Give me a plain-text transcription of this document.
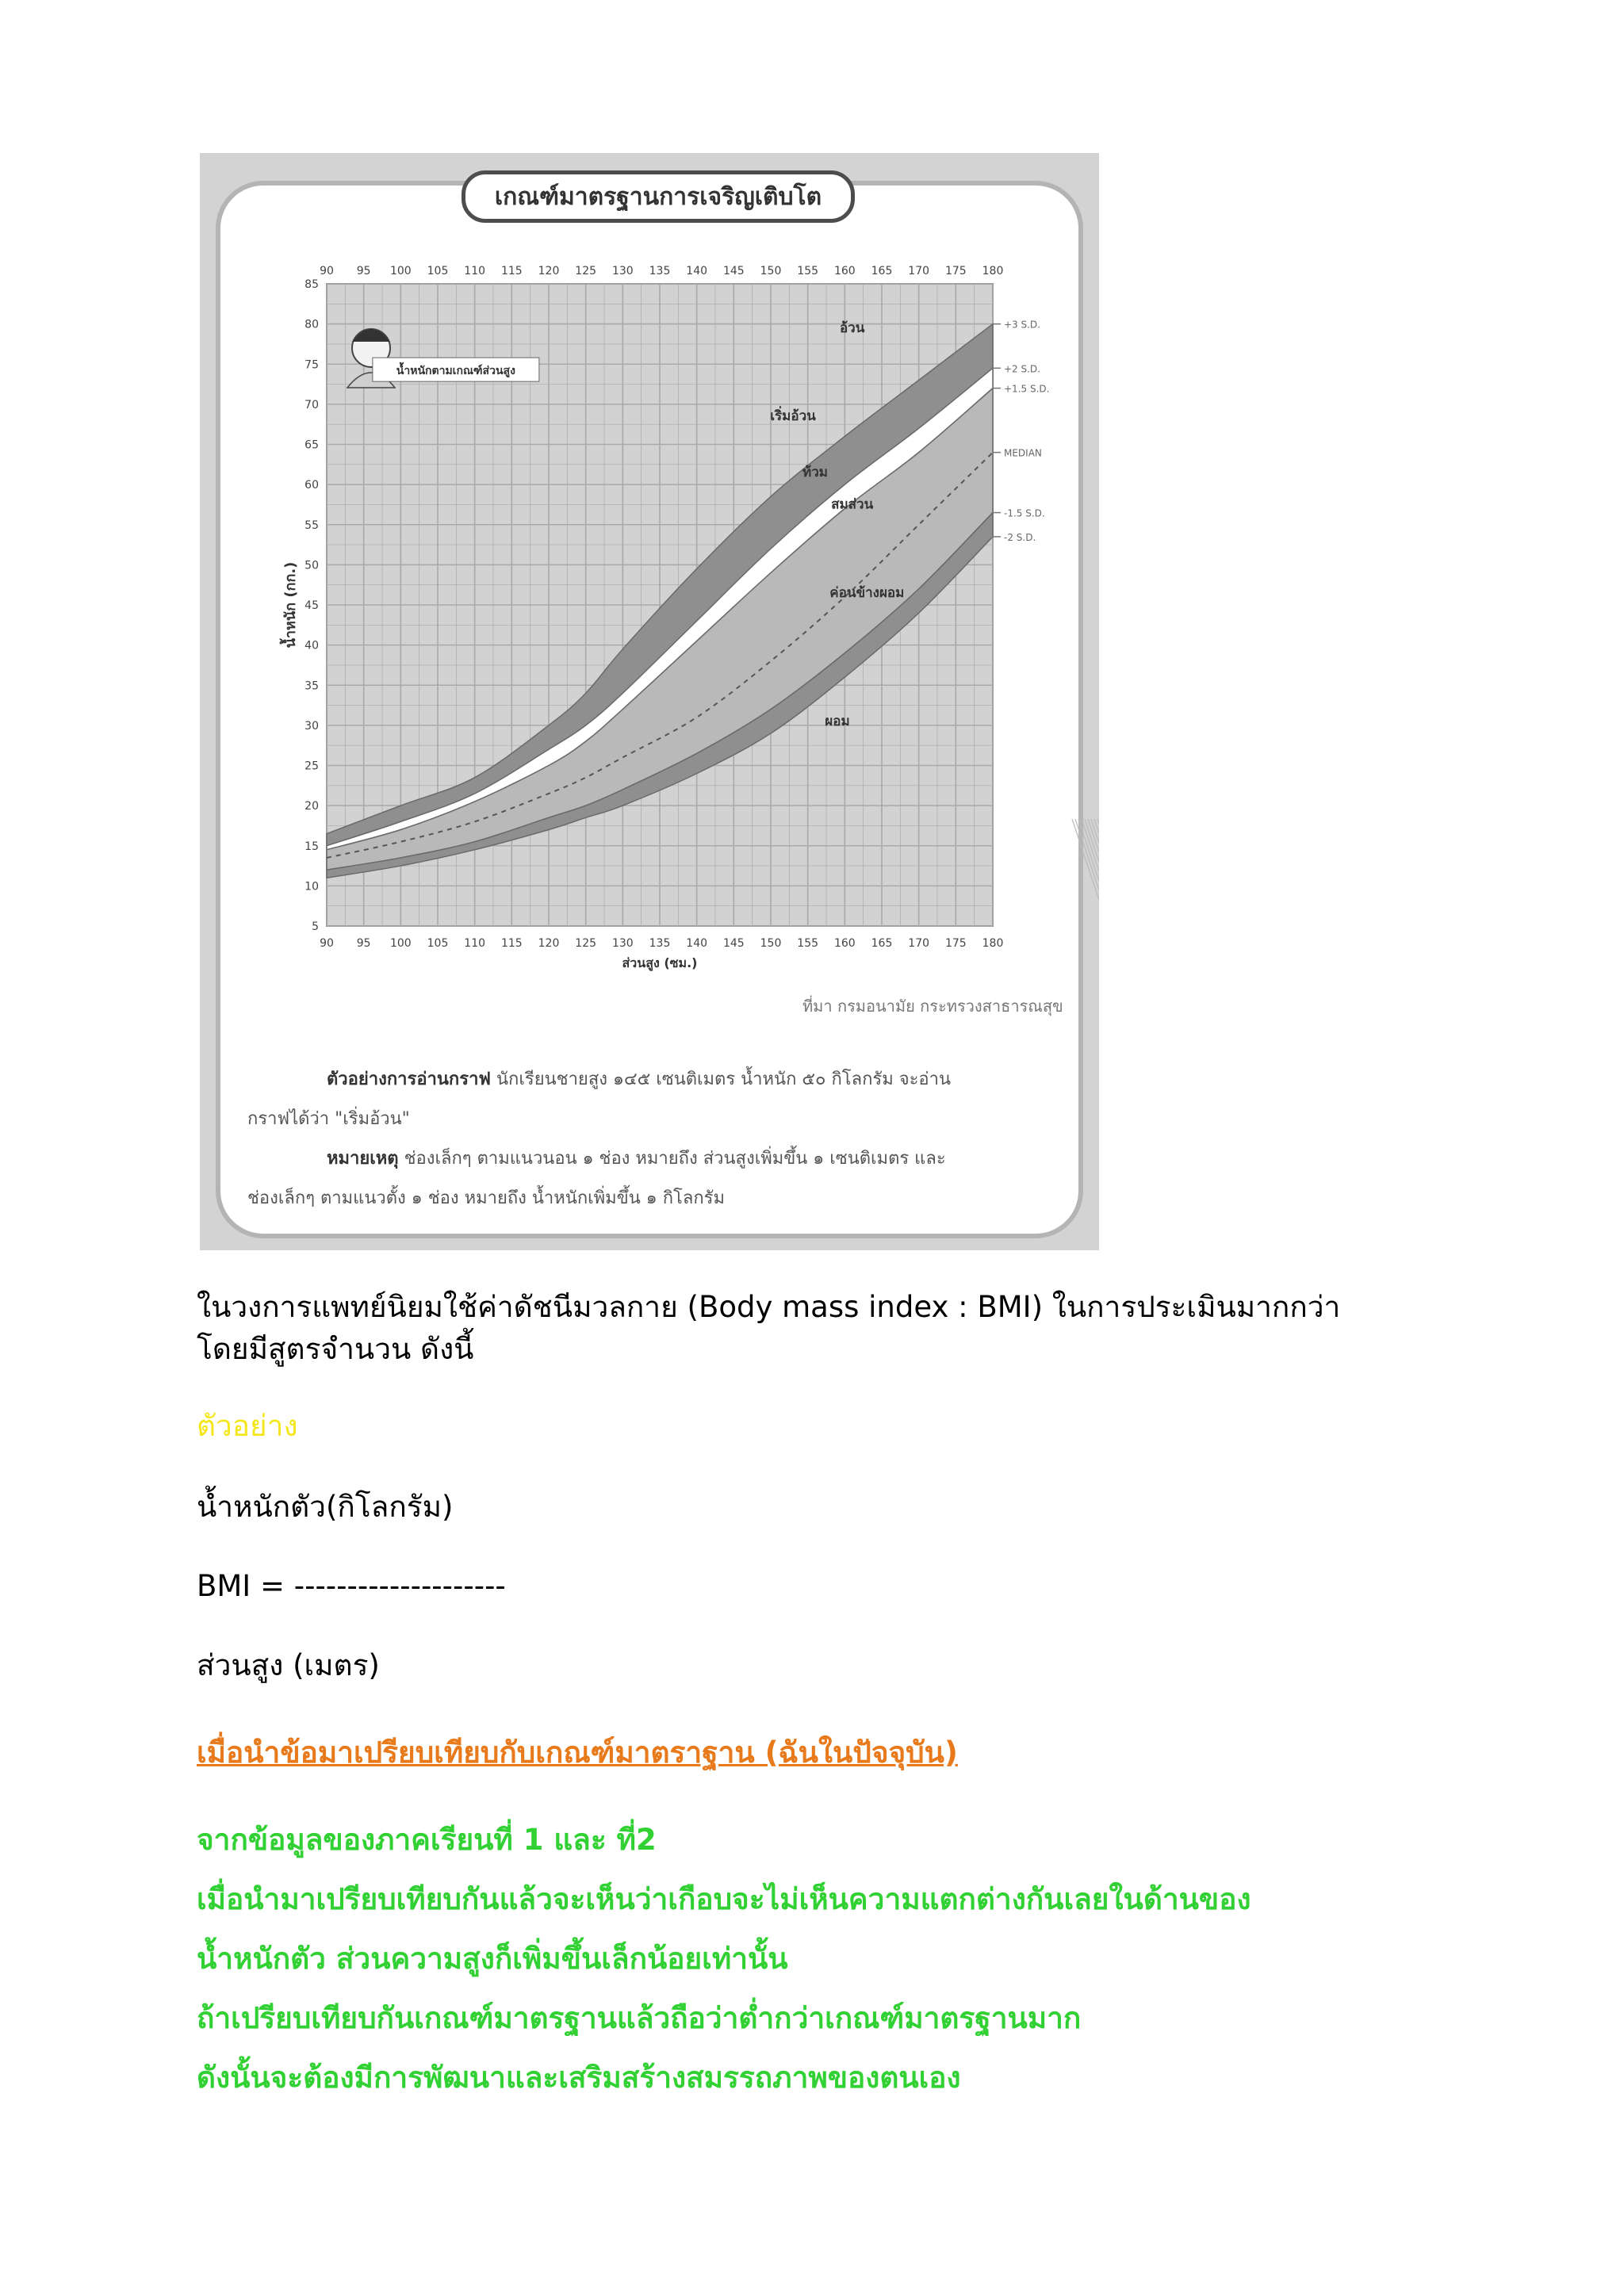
เกณฑ์มาตรฐานการเจริญเติบโต
90
90
95
95
100
100
105
105
110
110
115
115
120
120
125
125
130
130
135
135
140
140
145
145
150
150
155
155
160
160
165
165
170
170
175
175
180
180
5
10
15
20
25
30
35
40
45
50
55
60
65
70
75
80
85
ส่วนสูง (ซม.)
น้ำหนัก (กก.)
+3 S.D.
+2 S.D.
+1.5 S.D.
MEDIAN
-1.5 S.D.
-2 S.D.
อ้วน
เริ่มอ้วน
ท้วม
สมส่วน
ค่อนข้างผอม
ผอม
น้ำหนักตามเกณฑ์ส่วนสูง
ที่มา กรมอนามัย กระทรวงสาธารณสุข
ตัวอย่างการอ่านกราฟ นักเรียนชายสูง ๑๔๕ เซนติเมตร น้ำหนัก ๕๐ กิโลกรัม จะอ่าน
กราฟได้ว่า "เริ่มอ้วน"
หมายเหตุ ช่องเล็กๆ ตามแนวนอน ๑ ช่อง หมายถึง ส่วนสูงเพิ่มขึ้น ๑ เซนติเมตร และ
ช่องเล็กๆ ตามแนวตั้ง ๑ ช่อง หมายถึง น้ำหนักเพิ่มขึ้น ๑ กิโลกรัม
ในวงการแพทย์นิยมใช้ค่าดัชนีมวลกาย (Body mass index : BMI) ในการประเมินมากกว่า
โดยมีสูตรจำนวน ดังนี้
ตัวอย่าง
น้ำหนักตัว(กิโลกรัม)
BMI = --------------------
ส่วนสูง (เมตร)
เมื่อนำข้อมาเปรียบเทียบกับเกณฑ์มาตราฐาน (ฉันในปัจจุบัน)
จากข้อมูลของภาคเรียนที่ 1 และ ที่2
เมื่อนำมาเปรียบเทียบกันแล้วจะเห็นว่าเกือบจะไม่เห็นความแตกต่างกันเลยในด้านของ
น้ำหนักตัว ส่วนความสูงก็เพิ่มขึ้นเล็กน้อยเท่านั้น
ถ้าเปรียบเทียบกันเกณฑ์มาตรฐานแล้วถือว่าต่ำกว่าเกณฑ์มาตรฐานมาก
ดังนั้นจะต้องมีการพัฒนาและเสริมสร้างสมรรถภาพของตนเอง
